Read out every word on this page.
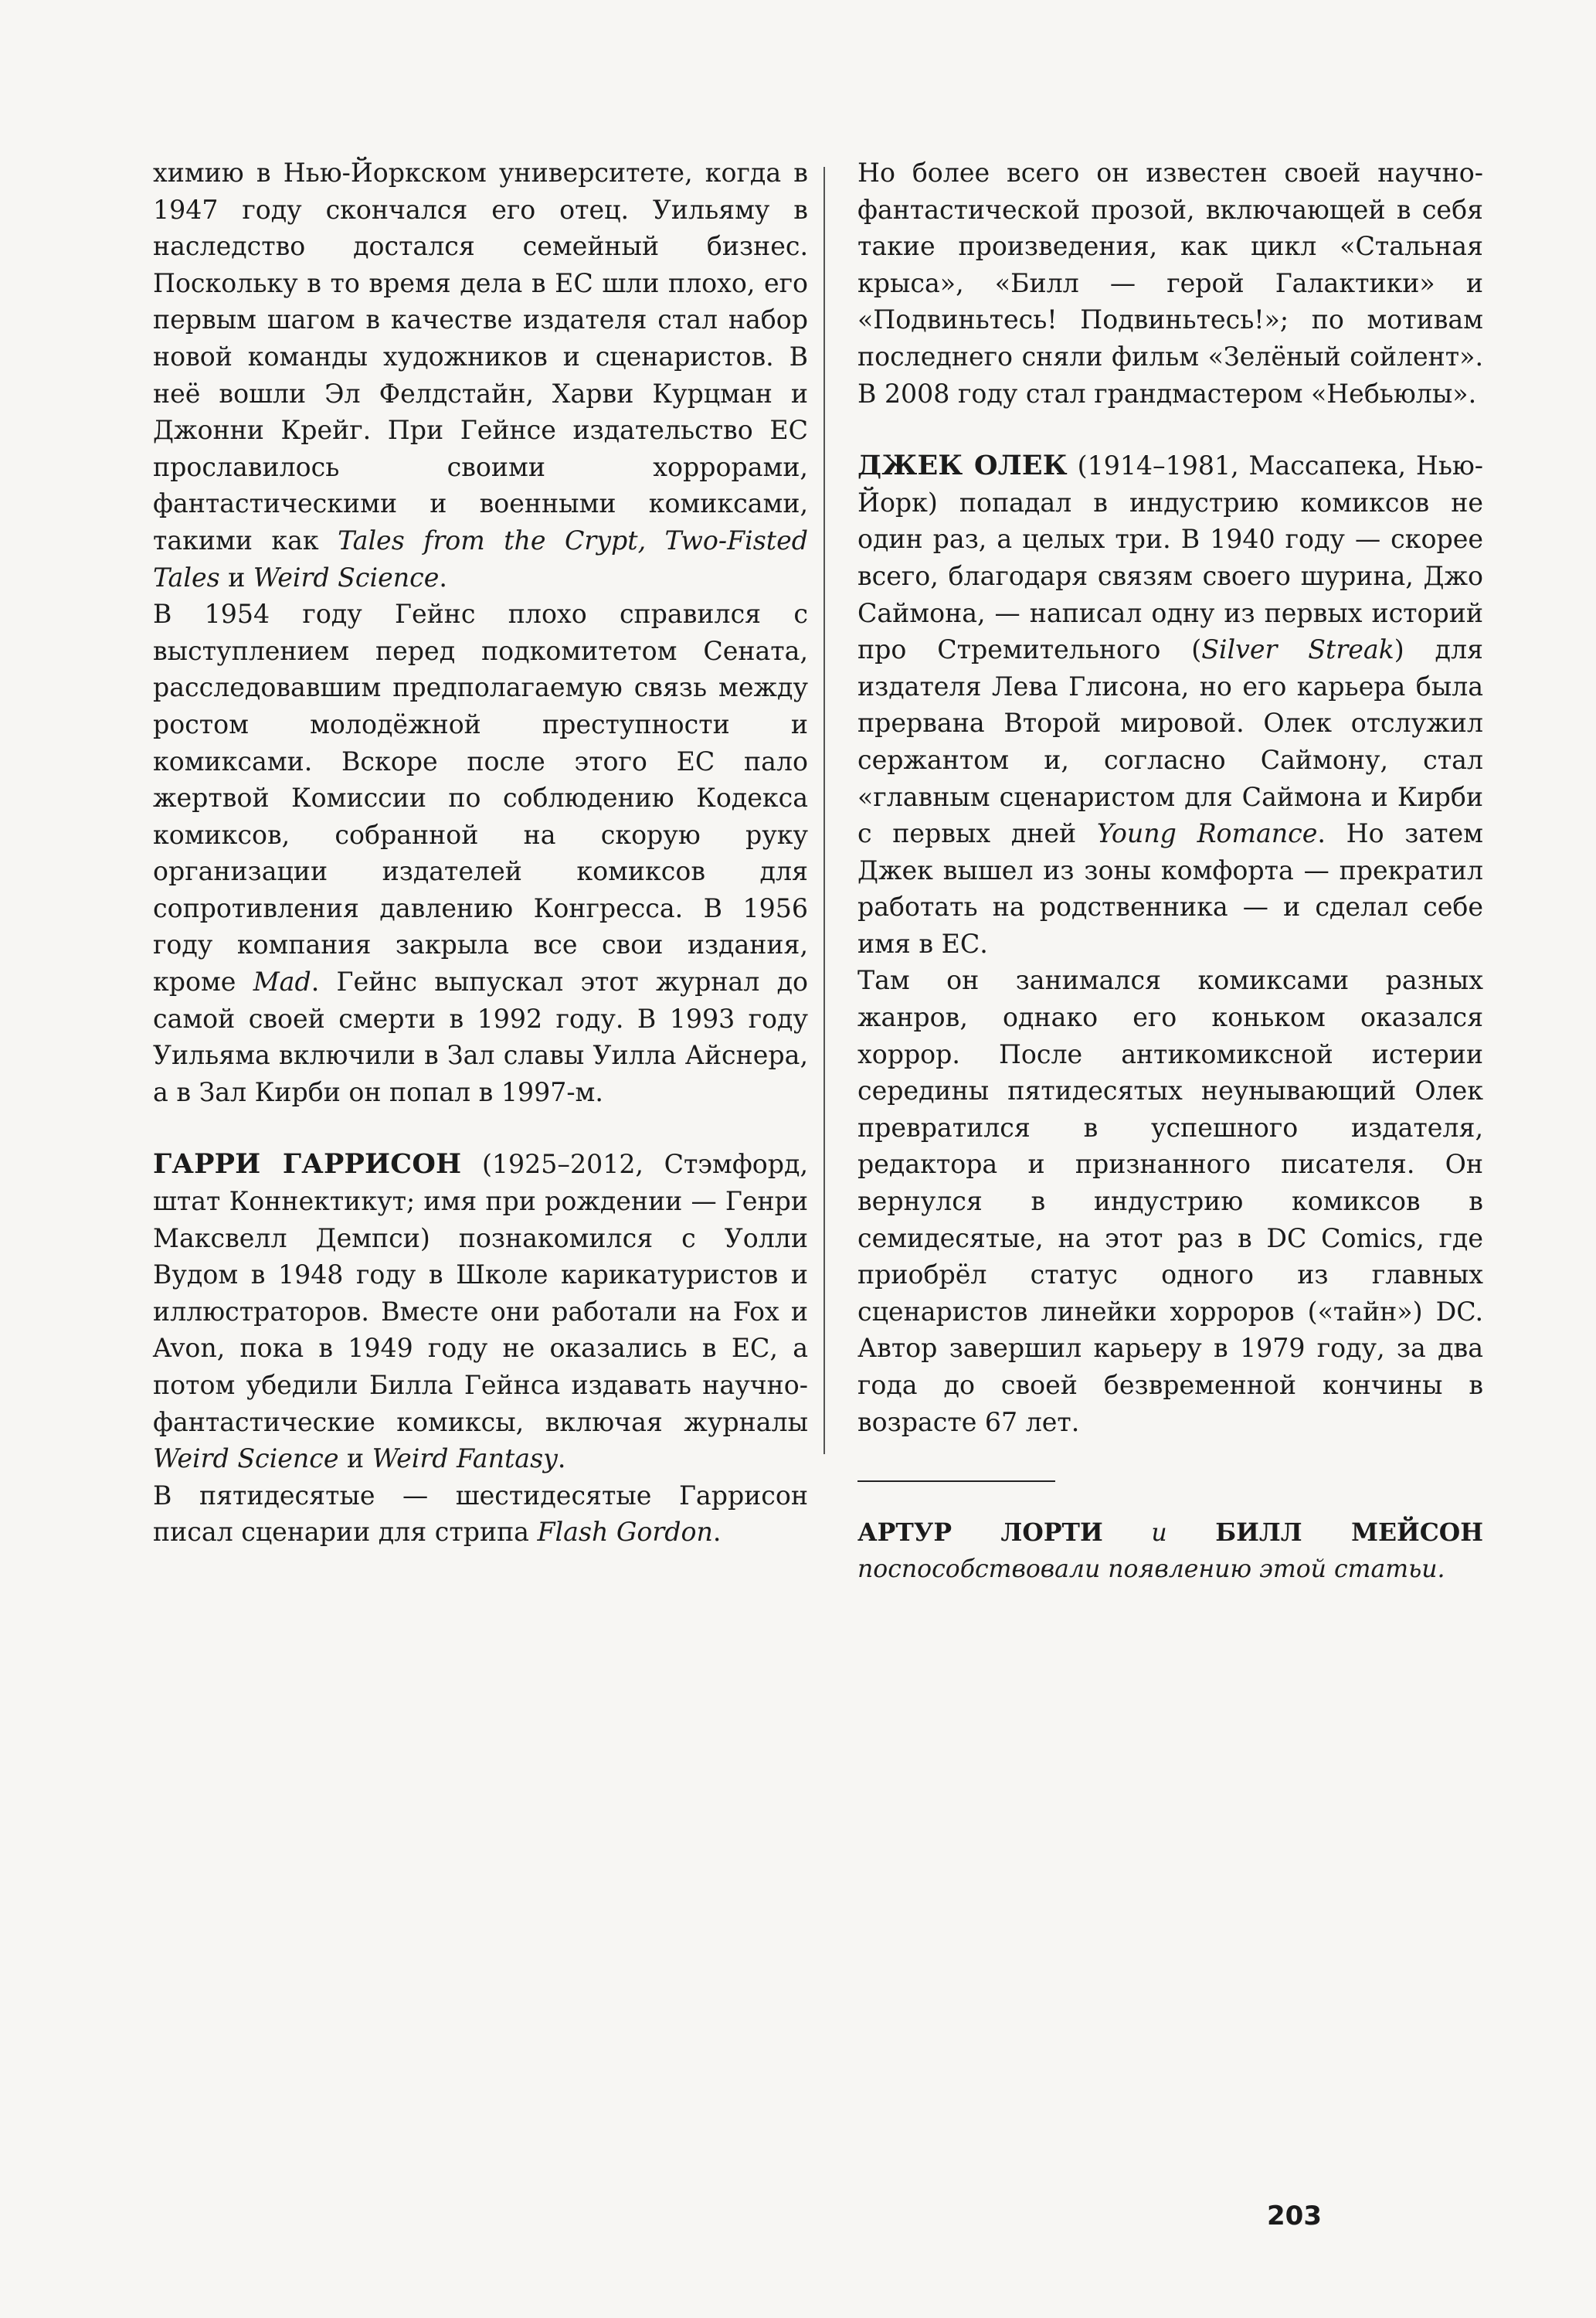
химию в Нью-Йоркском университете, когда в 1947 году скончался его отец. Уильяму в наследство достался семейный бизнес. Поскольку в то время дела в ЕС шли плохо, его первым шагом в качестве издателя стал набор новой команды художников и сценаристов. В неё вошли Эл Фелдстайн, Харви Курцман и Джонни Крейг. При Гейнсе издательство ЕС прославилось своими хоррорами, фантастическими и военными комиксами, такими как Tales from the Crypt, Two-Fisted Tales и Weird Science.

В 1954 году Гейнс плохо справился с выступлением перед подкомитетом Сената, расследовавшим предполагаемую связь между ростом молодёжной преступности и комиксами. Вскоре после этого ЕС пало жертвой Комиссии по соблюдению Кодекса комиксов, собранной на скорую руку организации издателей комиксов для сопротивления давлению Конгресса. В 1956 году компания закрыла все свои издания, кроме Mad. Гейнс выпускал этот журнал до самой своей смерти в 1992 году. В 1993 году Уильяма включили в Зал славы Уилла Айснера, а в Зал Кирби он попал в 1997-м.

ГАРРИ ГАРРИСОН (1925–2012, Стэмфорд, штат Коннектикут; имя при рождении — Генри Максвелл Демпси) познакомился с Уолли Вудом в 1948 году в Школе карикатуристов и иллюстраторов. Вместе они работали на Fox и Avon, пока в 1949 году не оказались в ЕС, а потом убедили Билла Гейнса издавать научно-фантастические комиксы, включая журналы Weird Science и Weird Fantasy.

В пятидесятые — шестидесятые Гаррисон писал сценарии для стрипа Flash Gordon.

Но более всего он известен своей научно-фантастической прозой, включающей в себя такие произведения, как цикл «Стальная крыса», «Билл — герой Галактики» и «Подвиньтесь! Подвиньтесь!»; по мотивам последнего сняли фильм «Зелёный сойлент». В 2008 году стал грандмастером «Небьюлы».

ДЖЕК ОЛЕК (1914–1981, Массапека, Нью-Йорк) попадал в индустрию комиксов не один раз, а целых три. В 1940 году — скорее всего, благодаря связям своего шурина, Джо Саймона, — написал одну из первых историй про Стремительного (Silver Streak) для издателя Лева Глисона, но его карьера была прервана Второй мировой. Олек отслужил сержантом и, согласно Саймону, стал «главным сценаристом для Саймона и Кирби с первых дней Young Romance. Но затем Джек вышел из зоны комфорта — прекратил работать на родственника — и сделал себе имя в ЕС.

Там он занимался комиксами разных жанров, однако его коньком оказался хоррор. После антикомиксной истерии середины пятидесятых неунывающий Олек превратился в успешного издателя, редактора и признанного писателя. Он вернулся в индустрию комиксов в семидесятые, на этот раз в DC Comics, где приобрёл статус одного из главных сценаристов линейки хорроров («тайн») DC. Автор завершил карьеру в 1979 году, за два года до своей безвременной кончины в возрасте 67 лет.

АРТУР ЛОРТИ и БИЛЛ МЕЙСОН поспособствовали появлению этой статьи.

203
